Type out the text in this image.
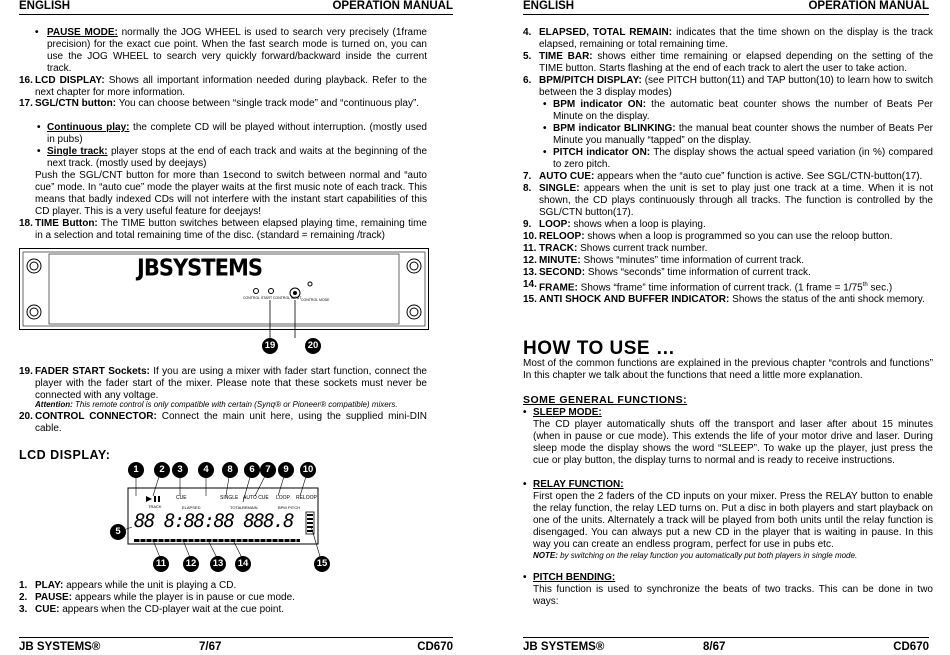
ENGLISH	OPERATION MANUAL
• PAUSE MODE: normally the JOG WHEEL is used to search very precisely (1frame precision) for the exact cue point. When the fast search mode is turned on, you can use the JOG WHEEL to search very quickly forward/backward inside the current track.
16. LCD DISPLAY: Shows all important information needed during playback. Refer to the next chapter for more information.
17. SGL/CTN button: You can choose between “single track mode” and “continuous play”.
• Continuous play: the complete CD will be played without interruption. (mostly used in pubs)
• Single track: player stops at the end of each track and waits at the beginning of the next track. (mostly used by deejays)
Push the SGL/CNT button for more than 1second to switch between normal and “auto cue” mode. In “auto cue” mode the player waits at the first music note of each track. This means that badly indexed CDs will not interfere with the instant start capabilities of this CD player. This is a very useful feature for deejays!
18. TIME Button: The TIME button switches between elapsed playing time, remaining time in a selection and total remaining time of the disc. (standard = remaining /track)
JBSYSTEMS
CONTROL START CONTROL INPUT CONTROL MODE
19	20
19. FADER START Sockets: If you are using a mixer with fader start function, connect the player with the fader start of the mixer. Please note that these sockets must never be connected with any voltage.
Attention: This remote control is only compatible with certain (Synq® or Pioneer® compatible) mixers.
20. CONTROL CONNECTOR: Connect the main unit here, using the supplied mini-DIN cable.
LCD DISPLAY:
CUE
TRACK
SINGLE AUTO CUE LOOP RELOOP
ELAPSED	TOTAL REMAIN	BPM PITCH
88 8:88:88 888.8
1	2	3	4	8	6	7	9	10
5
11	12 13 14	15
1. PLAY: appears while the unit is playing a CD.
2. PAUSE: appears while the player is in pause or cue mode.
3. CUE: appears when the CD-player wait at the cue point.
JB SYSTEMS®	7/67	CD670
ENGLISH	OPERATION MANUAL
4. ELAPSED, TOTAL REMAIN: indicates that the time shown on the display is the track elapsed, remaining or total remaining time.
5. TIME BAR: shows either time remaining or elapsed depending on the setting of the TIME button. Starts flashing at the end of each track to alert the user to take action.
6. BPM/PITCH DISPLAY: (see PITCH button(11) and TAP button(10) to learn how to switch between the 3 display modes)
• BPM indicator ON: the automatic beat counter shows the number of Beats Per Minute on the display.
• BPM indicator BLINKING: the manual beat counter shows the number of Beats Per Minute you manually “tapped” on the display.
• PITCH indicator ON: The display shows the actual speed variation (in %) compared to zero pitch.
7. AUTO CUE: appears when the “auto cue” function is active. See SGL/CTN-button(17).
8. SINGLE: appears when the unit is set to play just one track at a time. When it is not shown, the CD plays continuously through all tracks. The function is controlled by the SGL/CTN button(17).
9. LOOP: shows when a loop is playing.
10. RELOOP: shows when a loop is programmed so you can use the reloop button.
11. TRACK: Shows current track number.
12. MINUTE: Shows “minutes” time information of current track.
13. SECOND: Shows “seconds” time information of current track.
14. FRAME: Shows “frame” time information of current track. (1 frame = 1/75th sec.)
15. ANTI SHOCK AND BUFFER INDICATOR: Shows the status of the anti shock memory.
HOW TO USE …
Most of the common functions are explained in the previous chapter “controls and functions” In this chapter we talk about the functions that need a little more explanation.
SOME GENERAL FUNCTIONS:
• SLEEP MODE:
The CD player automatically shuts off the transport and laser after about 15 minutes (when in pause or cue mode). This extends the life of your motor drive and laser. During sleep mode the display shows the word “SLEEP”. To wake up the player, just press the cue or play button, the display turns to normal and is ready to receive instructions.
• RELAY FUNCTION:
First open the 2 faders of the CD inputs on your mixer. Press the RELAY button to enable the relay function, the relay LED turns on. Put a disc in both players and start playback on one of the units. Alternately a track will be played from both units until the relay function is disengaged. You can always put a new CD in the player that is waiting in pause. In this way you can create an endless program, perfect for use in pubs etc.
NOTE: by switching on the relay function you automatically put both players in single mode.
• PITCH BENDING:
This function is used to synchronize the beats of two tracks. This can be done in two ways:
JB SYSTEMS®	8/67	CD670
